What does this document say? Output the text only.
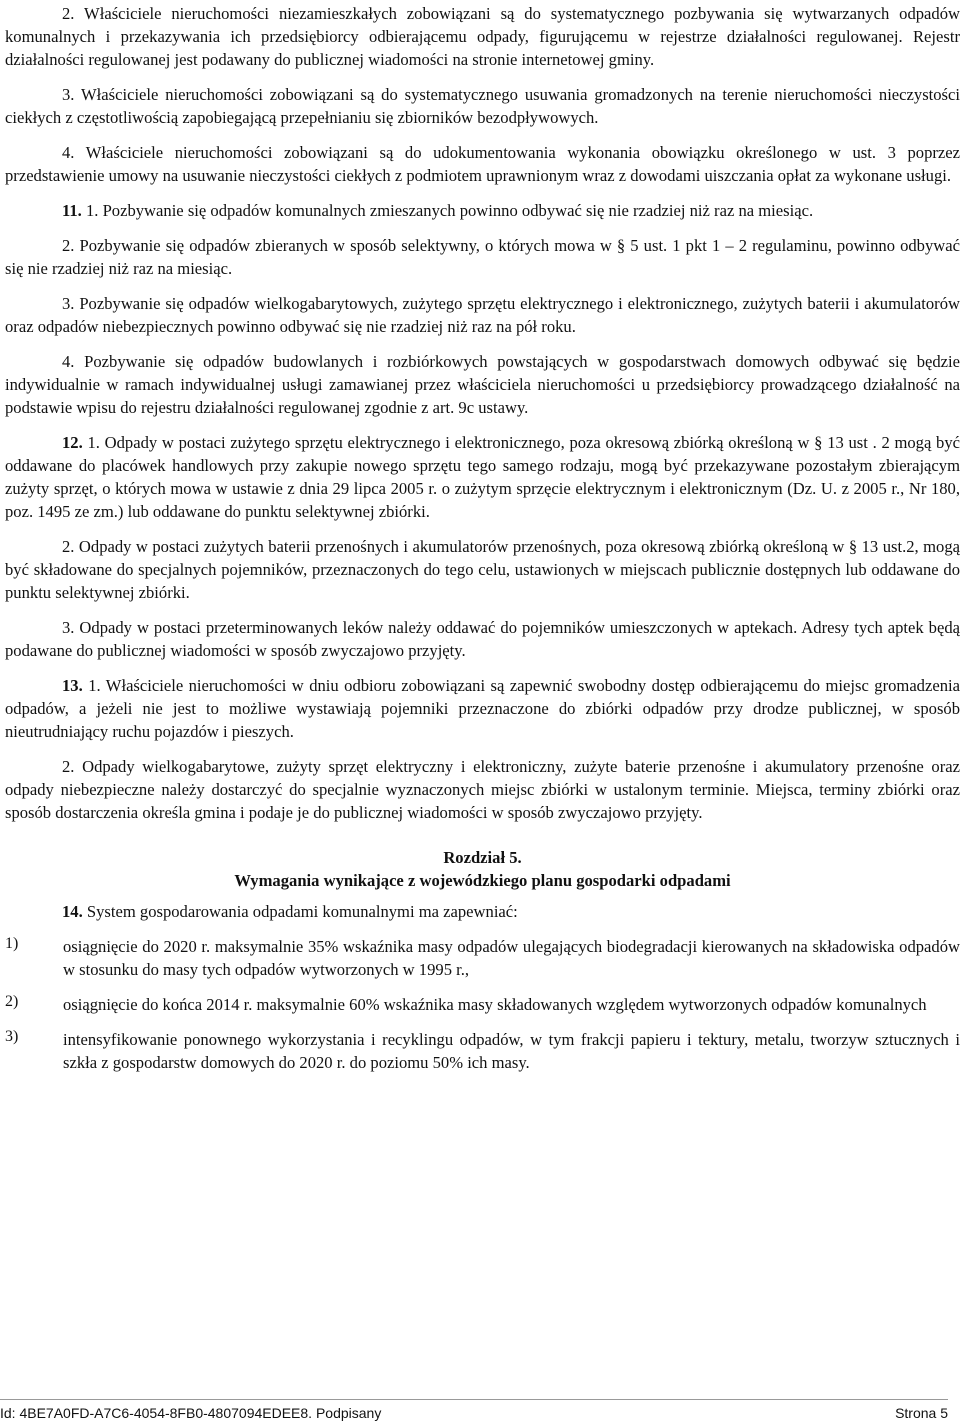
2. Właściciele nieruchomości niezamieszkałych zobowiązani są do systematycznego pozbywania się wytwarzanych odpadów komunalnych i przekazywania ich przedsiębiorcy odbierającemu odpady, figurującemu w rejestrze działalności regulowanej. Rejestr działalności regulowanej jest podawany do publicznej wiadomości na stronie internetowej gminy.

3. Właściciele nieruchomości zobowiązani są do systematycznego usuwania gromadzonych na terenie nieruchomości nieczystości ciekłych z częstotliwością zapobiegającą przepełnianiu się zbiorników bezodpływowych.

4. Właściciele nieruchomości zobowiązani są do udokumentowania wykonania obowiązku określonego w ust. 3 poprzez przedstawienie umowy na usuwanie nieczystości ciekłych z podmiotem uprawnionym wraz z dowodami uiszczania opłat za wykonane usługi.

11. 1. Pozbywanie się odpadów komunalnych zmieszanych powinno odbywać się nie rzadziej niż raz na miesiąc.

2. Pozbywanie się odpadów zbieranych w sposób selektywny, o których mowa w § 5 ust. 1 pkt 1 – 2 regulaminu, powinno odbywać się nie rzadziej niż raz na miesiąc.

3. Pozbywanie się odpadów wielkogabarytowych, zużytego sprzętu elektrycznego i elektronicznego, zużytych baterii i akumulatorów oraz odpadów niebezpiecznych powinno odbywać się nie rzadziej niż raz na pół roku.

4. Pozbywanie się odpadów budowlanych i rozbiórkowych powstających w gospodarstwach domowych odbywać się będzie indywidualnie w ramach indywidualnej usługi zamawianej przez właściciela nieruchomości u przedsiębiorcy prowadzącego działalność na podstawie wpisu do rejestru działalności regulowanej zgodnie z art. 9c ustawy.

12. 1. Odpady w postaci zużytego sprzętu elektrycznego i elektronicznego, poza okresową zbiórką określoną w § 13 ust . 2 mogą być oddawane do placówek handlowych przy zakupie nowego sprzętu tego samego rodzaju, mogą być przekazywane pozostałym zbierającym zużyty sprzęt, o których mowa w ustawie z dnia 29 lipca 2005 r. o zużytym sprzęcie elektrycznym i elektronicznym (Dz. U. z 2005 r., Nr 180, poz. 1495 ze zm.) lub oddawane do punktu selektywnej zbiórki.

2. Odpady w postaci zużytych baterii przenośnych i akumulatorów przenośnych, poza okresową zbiórką określoną w § 13 ust.2, mogą być składowane do specjalnych pojemników, przeznaczonych do tego celu, ustawionych w miejscach publicznie dostępnych lub oddawane do punktu selektywnej zbiórki.

3. Odpady w postaci przeterminowanych leków należy oddawać do pojemników umieszczonych w aptekach. Adresy tych aptek będą podawane do publicznej wiadomości w sposób zwyczajowo przyjęty.

13. 1. Właściciele nieruchomości w dniu odbioru zobowiązani są zapewnić swobodny dostęp odbierającemu do miejsc gromadzenia odpadów, a jeżeli nie jest to możliwe wystawiają pojemniki przeznaczone do zbiórki odpadów przy drodze publicznej, w sposób nieutrudniający ruchu pojazdów i pieszych.

2. Odpady wielkogabarytowe, zużyty sprzęt elektryczny i elektroniczny, zużyte baterie przenośne i akumulatory przenośne oraz odpady niebezpieczne należy dostarczyć do specjalnie wyznaczonych miejsc zbiórki w ustalonym terminie. Miejsca, terminy zbiórki oraz sposób dostarczenia określa gmina i podaje je do publicznej wiadomości w sposób zwyczajowo przyjęty.

Rozdział 5.

Wymagania wynikające z wojewódzkiego planu gospodarki odpadami

14. System gospodarowania odpadami komunalnymi ma zapewniać:

1)	osiągnięcie do 2020 r. maksymalnie 35% wskaźnika masy odpadów ulegających biodegradacji kierowanych na składowiska odpadów w stosunku do masy tych odpadów wytworzonych w 1995 r.,

2)	osiągnięcie do końca 2014 r. maksymalnie 60% wskaźnika masy składowanych względem wytworzonych odpadów komunalnych

3)	intensyfikowanie ponownego wykorzystania i recyklingu odpadów, w tym frakcji papieru i tektury, metalu, tworzyw sztucznych i szkła z gospodarstw domowych do 2020 r. do poziomu 50% ich masy.

Id: 4BE7A0FD-A7C6-4054-8FB0-4807094EDEE8. Podpisany	Strona 5
